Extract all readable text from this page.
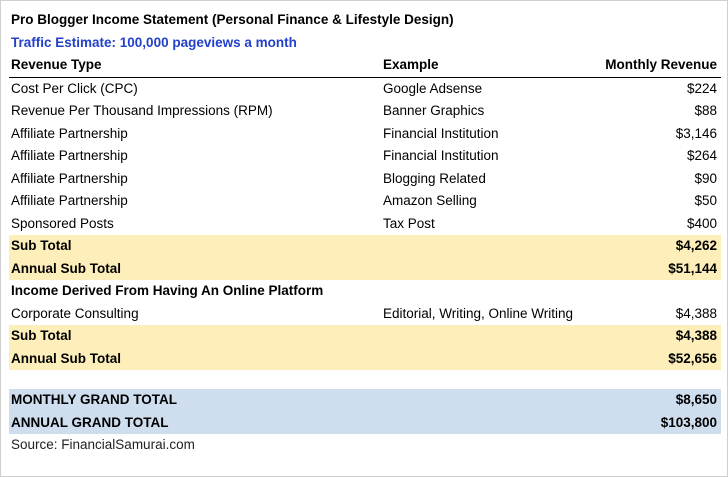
Pro Blogger Income Statement (Personal Finance & Lifestyle Design)		
Traffic Estimate: 100,000 pageviews a month		
Revenue Type	Example	Monthly Revenue
Cost Per Click (CPC)	Google Adsense	$224
Revenue Per Thousand Impressions (RPM)	Banner Graphics	$88
Affiliate Partnership	Financial Institution	$3,146
Affiliate Partnership	Financial Institution	$264
Affiliate Partnership	Blogging Related	$90
Affiliate Partnership	Amazon Selling	$50
Sponsored Posts	Tax Post	$400
Sub Total		$4,262
Annual Sub Total		$51,144
Income Derived From Having An Online Platform		
Corporate Consulting	Editorial, Writing, Online Writing	$4,388
Sub Total		$4,388
Annual Sub Total		$52,656

MONTHLY GRAND TOTAL		$8,650
ANNUAL GRAND TOTAL		$103,800
Source: FinancialSamurai.com		
